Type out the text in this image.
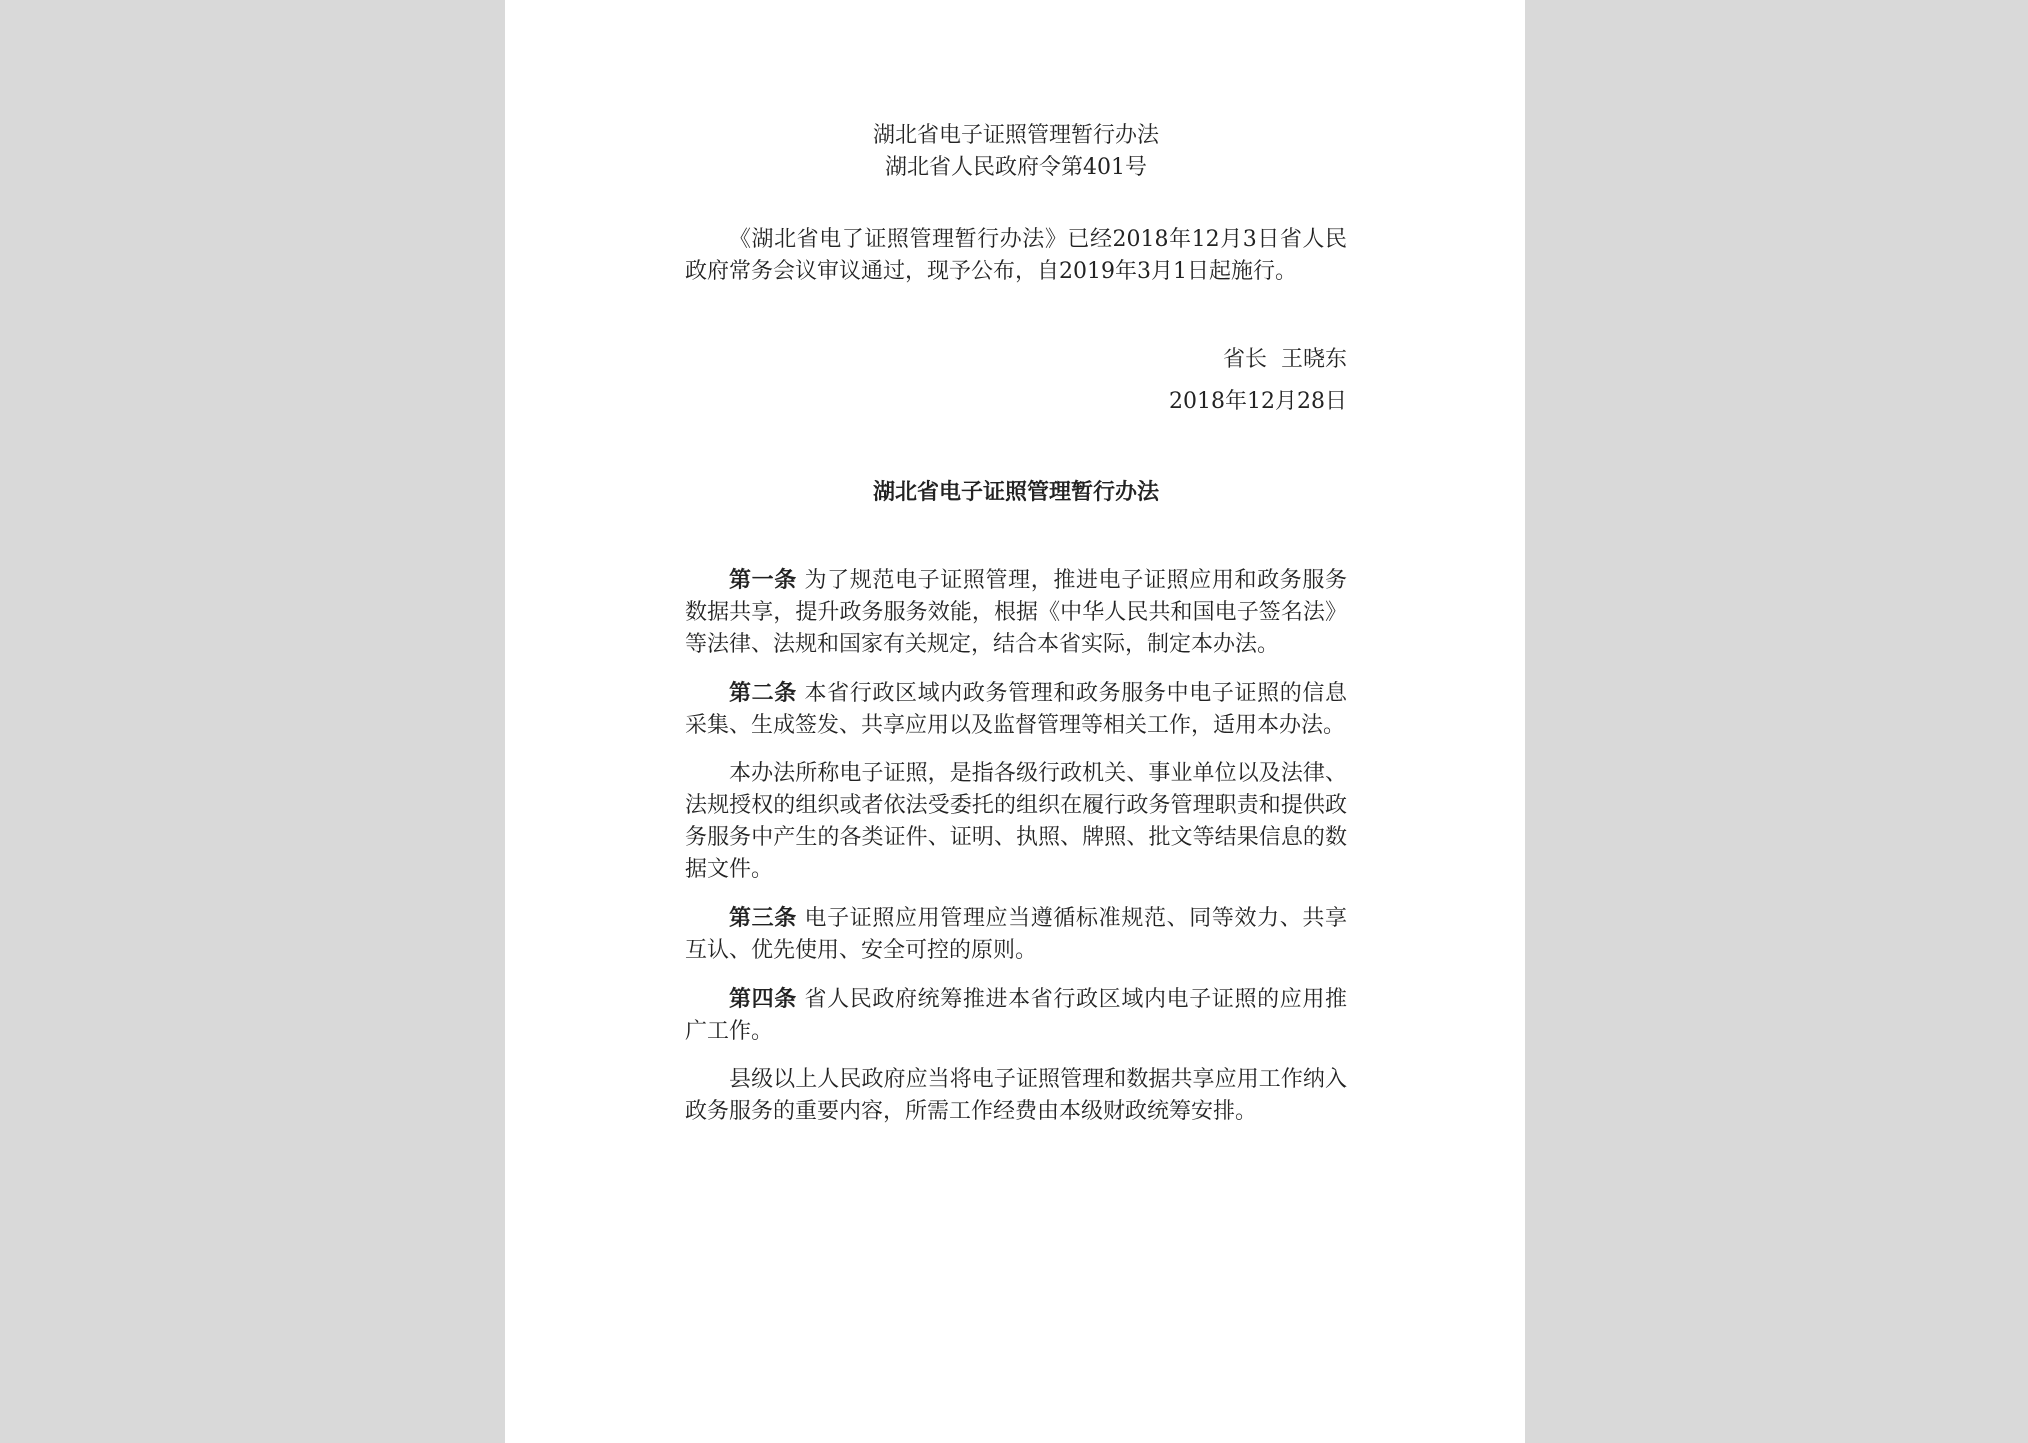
湖北省电子证照管理暂行办法
湖北省人民政府令第401号

《湖北省电了证照管理暂行办法》已经2018年12月3日省人民政府常务会议审议通过，现予公布，自2019年3月1日起施行。

省长  王晓东
2018年12月28日
湖北省电子证照管理暂行办法

第一条 为了规范电子证照管理，推进电子证照应用和政务服务数据共享，提升政务服务效能，根据《中华人民共和国电子签名法》等法律、法规和国家有关规定，结合本省实际，制定本办法。

第二条 本省行政区域内政务管理和政务服务中电子证照的信息采集、生成签发、共享应用以及监督管理等相关工作，适用本办法。

本办法所称电子证照，是指各级行政机关、事业单位以及法律、法规授权的组织或者依法受委托的组织在履行政务管理职责和提供政务服务中产生的各类证件、证明、执照、牌照、批文等结果信息的数据文件。

第三条 电子证照应用管理应当遵循标准规范、同等效力、共享互认、优先使用、安全可控的原则。

第四条 省人民政府统筹推进本省行政区域内电子证照的应用推广工作。

县级以上人民政府应当将电子证照管理和数据共享应用工作纳入政务服务的重要内容，所需工作经费由本级财政统筹安排。
